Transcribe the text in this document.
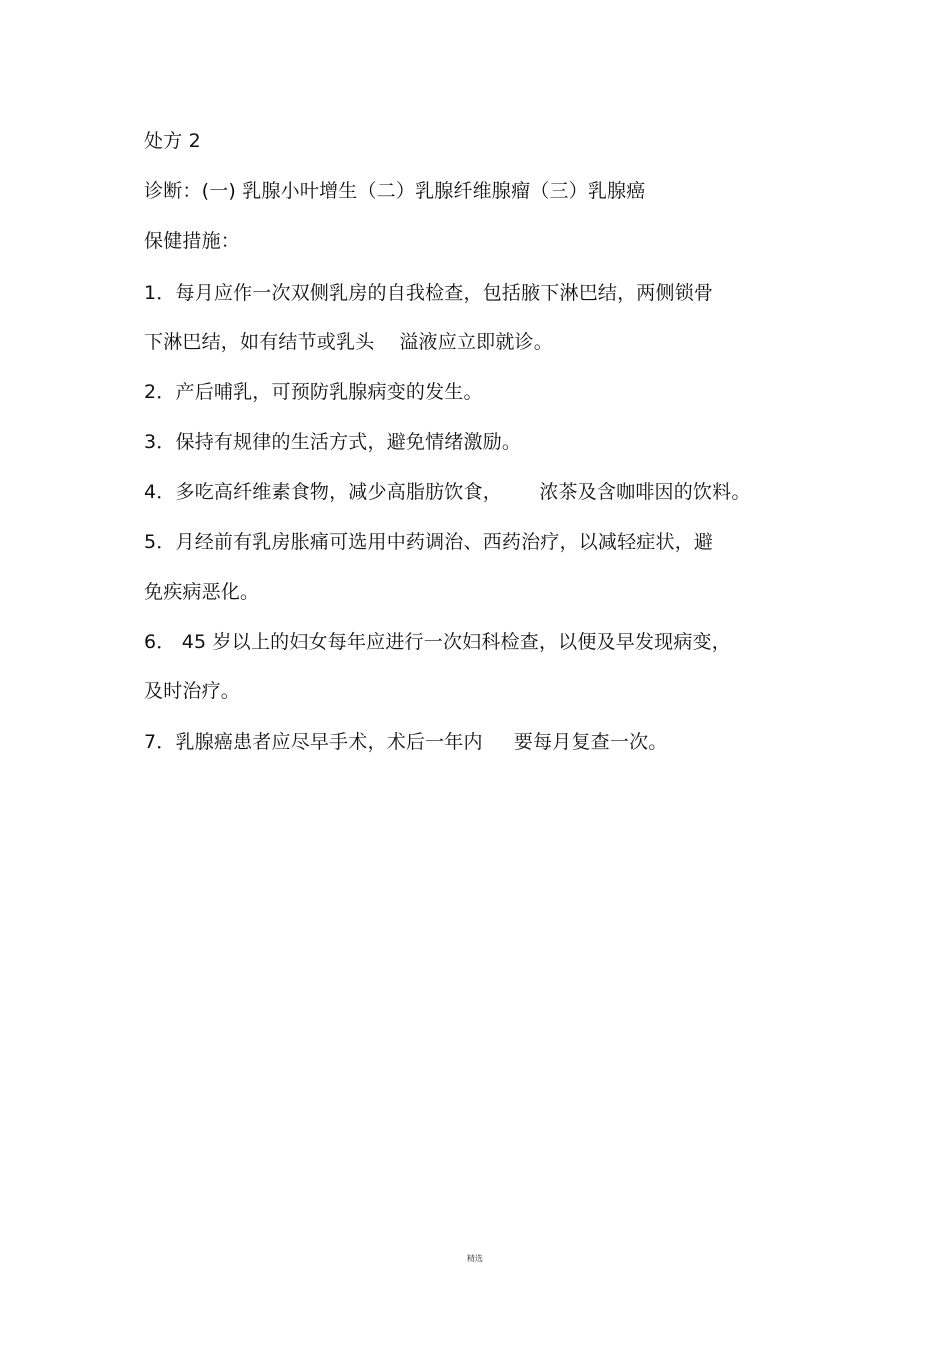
处方 2
诊断：(一) 乳腺小叶增生（二）乳腺纤维腺瘤（三）乳腺癌
保健措施：
1．每月应作一次双侧乳房的自我检查，包括腋下淋巴结，两侧锁骨
下淋巴结，如有结节或乳头    溢液应立即就诊。
2．产后哺乳，可预防乳腺病变的发生。
3．保持有规律的生活方式，避免情绪激励。
4．多吃高纤维素食物，减少高脂肪饮食，      浓茶及含咖啡因的饮料。
5．月经前有乳房胀痛可选用中药调治、西药治疗，以减轻症状，避
免疾病恶化。
6． 45 岁以上的妇女每年应进行一次妇科检查，以便及早发现病变，
及时治疗。
7．乳腺癌患者应尽早手术，术后一年内     要每月复查一次。
精选
